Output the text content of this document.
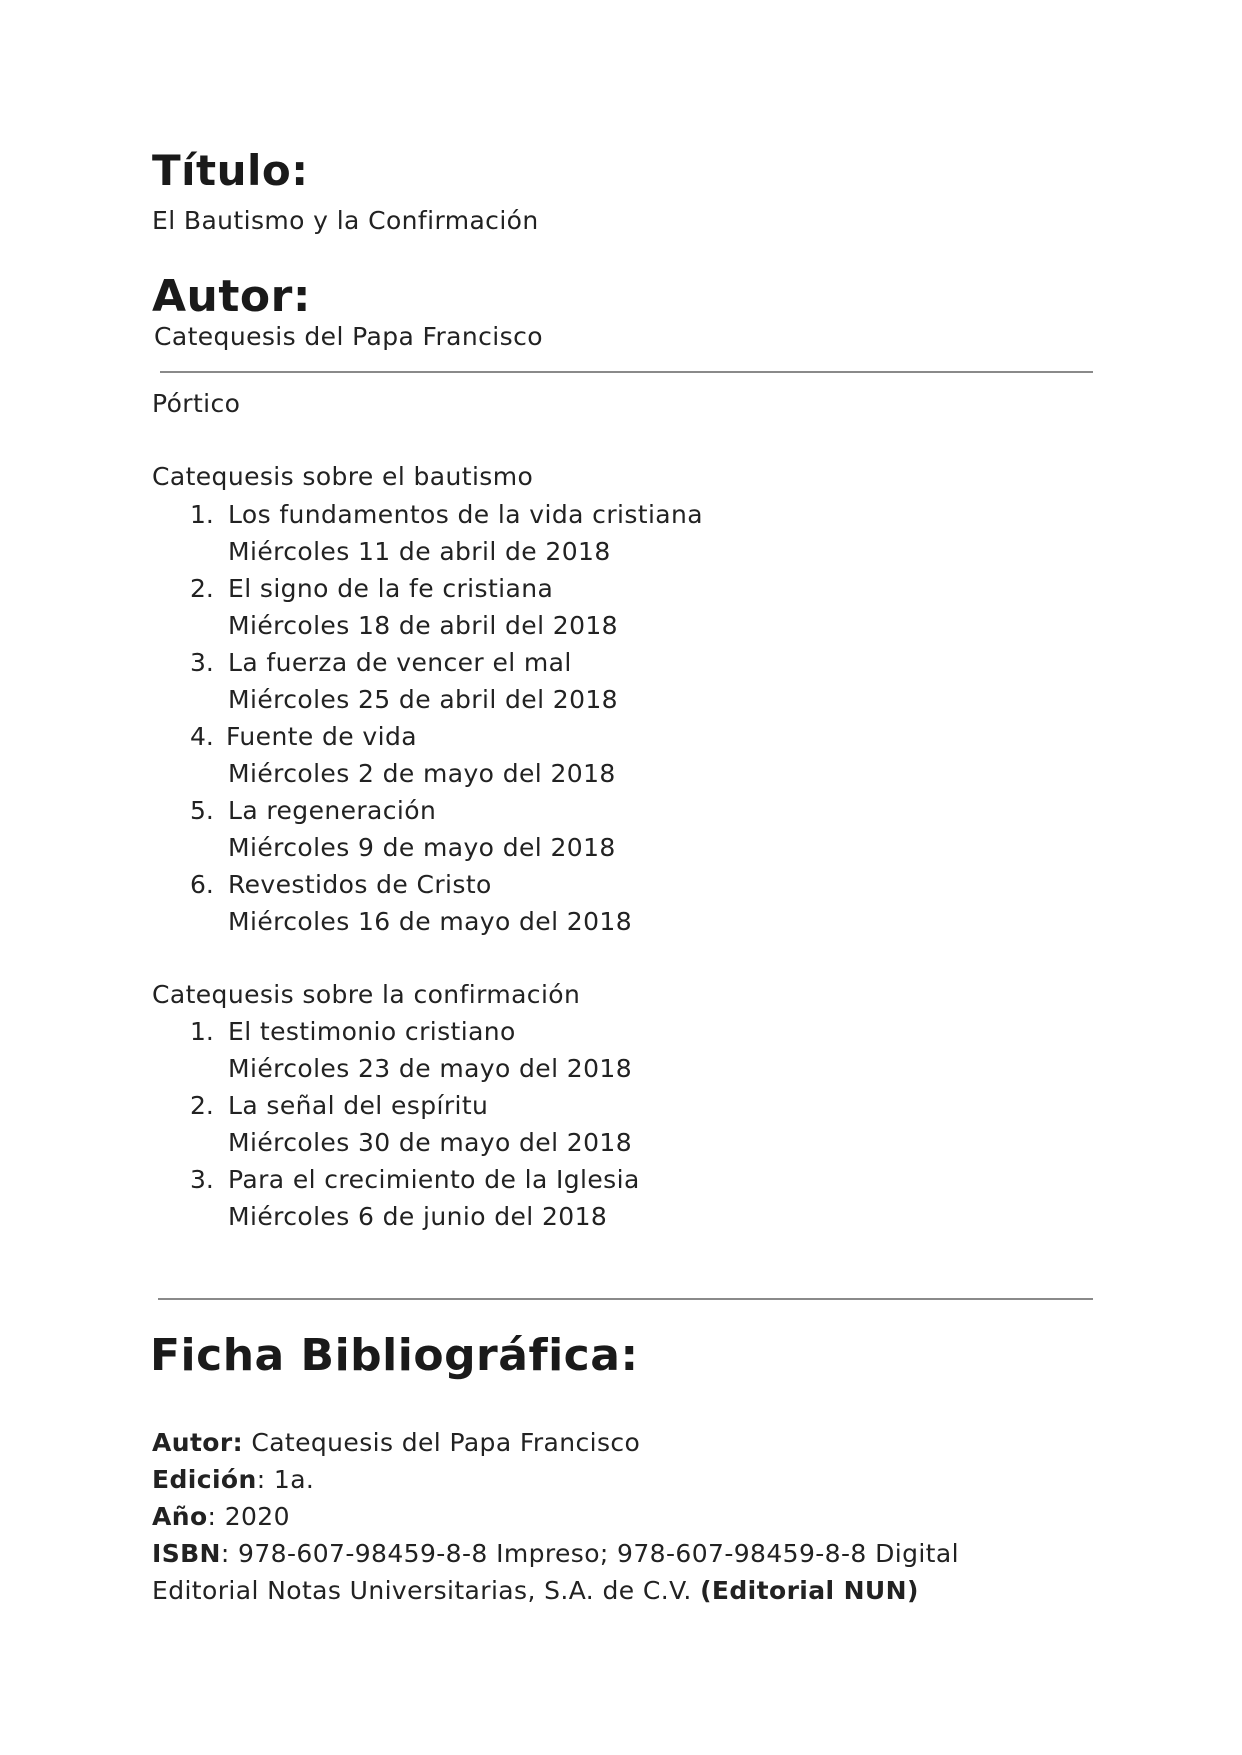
Título:
El Bautismo y la Confirmación
Autor:
Catequesis del Papa Francisco
Pórtico
Catequesis sobre el bautismo
1. Los fundamentos de la vida cristiana
Miércoles 11 de abril de 2018
2. El signo de la fe cristiana
Miércoles 18 de abril del 2018
3. La fuerza de vencer el mal
Miércoles 25 de abril del 2018
4. Fuente de vida
Miércoles 2 de mayo del 2018
5. La regeneración
Miércoles 9 de mayo del 2018
6. Revestidos de Cristo
Miércoles 16 de mayo del 2018
Catequesis sobre la confirmación
1. El testimonio cristiano
Miércoles 23 de mayo del 2018
2. La señal del espíritu
Miércoles 30 de mayo del 2018
3. Para el crecimiento de la Iglesia
Miércoles 6 de junio del 2018
Ficha Bibliográfica:
Autor: Catequesis del Papa Francisco
Edición: 1a.
Año: 2020
ISBN: 978-607-98459-8-8 Impreso; 978-607-98459-8-8 Digital
Editorial Notas Universitarias, S.A. de C.V. (Editorial NUN)
